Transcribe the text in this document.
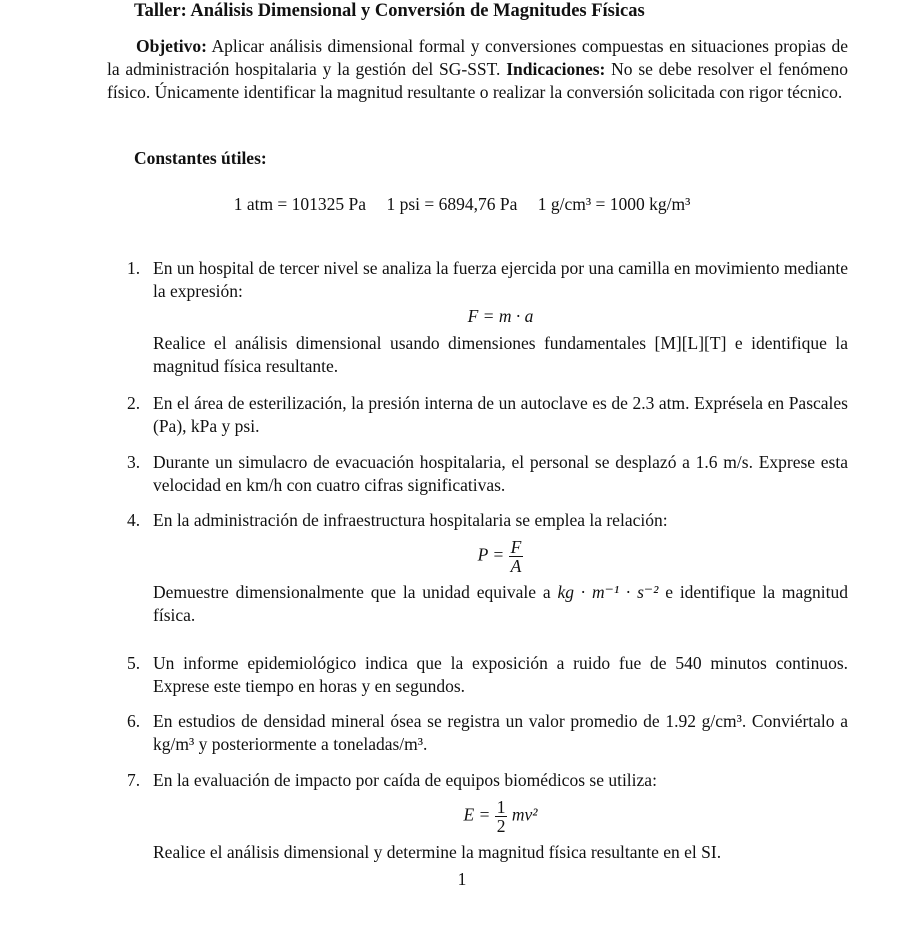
Taller: Análisis Dimensional y Conversión de Magnitudes Físicas
Objetivo: Aplicar análisis dimensional formal y conversiones compuestas en situaciones propias de la administración hospitalaria y la gestión del SG-SST. Indicaciones: No se debe resolver el fenómeno físico. Únicamente identificar la magnitud resultante o realizar la conversión solicitada con rigor técnico.
Constantes útiles:
1 atm = 101325 Pa 1 psi = 6894,76 Pa 1 g/cm³ = 1000 kg/m³
1. En un hospital de tercer nivel se analiza la fuerza ejercida por una camilla en movimiento mediante la expresión:
F = m · a
Realice el análisis dimensional usando dimensiones fundamentales [M][L][T] e identifique la magnitud física resultante.
2. En el área de esterilización, la presión interna de un autoclave es de 2.3 atm. Exprésela en Pascales (Pa), kPa y psi.
3. Durante un simulacro de evacuación hospitalaria, el personal se desplazó a 1.6 m/s. Exprese esta velocidad en km/h con cuatro cifras significativas.
4. En la administración de infraestructura hospitalaria se emplea la relación:
$P = \frac{F}{A}$
Demuestre dimensionalmente que la unidad equivale a kg · m⁻¹ · s⁻² e identifique la magnitud física.
5. Un informe epidemiológico indica que la exposición a ruido fue de 540 minutos continuos. Exprese este tiempo en horas y en segundos.
6. En estudios de densidad mineral ósea se registra un valor promedio de 1.92 g/cm³. Conviértalo a kg/m³ y posteriormente a toneladas/m³.
7. En la evaluación de impacto por caída de equipos biomédicos se utiliza:
$E = \frac{1}{2} mv^2$
Realice el análisis dimensional y determine la magnitud física resultante en el SI.
1
